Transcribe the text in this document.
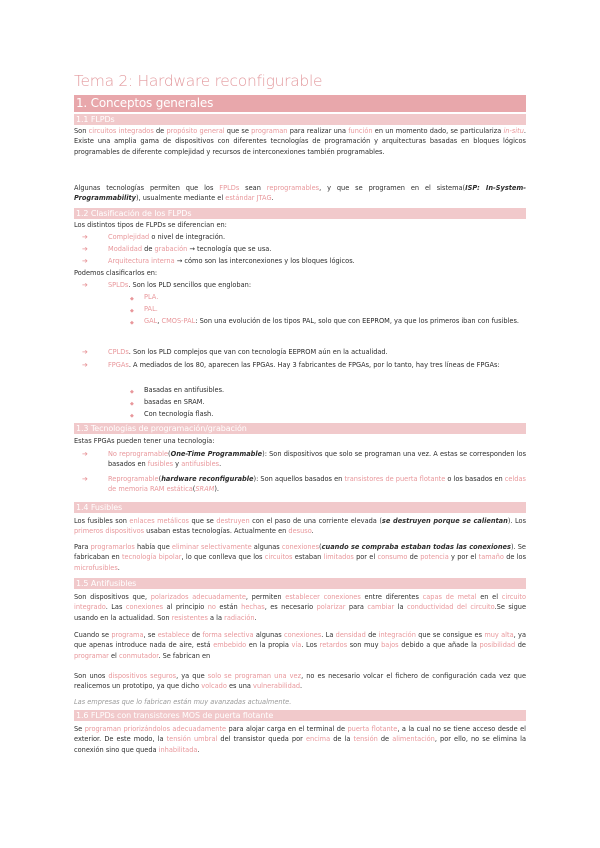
Tema 2: Hardware reconfigurable
1. Conceptos generales
1.1 FLPDs
Son circuitos integrados de propósito general que se programan para realizar una función en un momento dado, se particulariza in-situ. Existe una amplia gama de dispositivos con diferentes tecnologías de programación y arquitecturas basadas en bloques lógicos programables de diferente complejidad y recursos de interconexiones también programables.
Algunas tecnologías permiten que los FPLDs sean reprogramables, y que se programen en el sistema(ISP: In-System-Programmability), usualmente mediante el estándar JTAG.
1.2 Clasificación de los FLPDs
Los distintos tipos de FLPDs se diferencian en:
➔	Complejidad o nivel de integración.
➔	Modalidad de grabación → tecnología que se usa.
➔	Arquitectura interna → cómo son las interconexiones y los bloques lógicos.
Podemos clasificarlos en:
➔	SPLDs. Son los PLD sencillos que engloban:
◆ PLA.
◆ PAL.
◆ GAL, CMOS-PAL: Son una evolución de los tipos PAL, solo que con EEPROM, ya que los primeros iban con fusibles.
➔	CPLDs. Son los PLD complejos que van con tecnología EEPROM aún en la actualidad.
➔	FPGAs. A mediados de los 80, aparecen las FPGAs. Hay 3 fabricantes de FPGAs, por lo tanto, hay tres líneas de FPGAs:
◆ Basadas en antifusibles.
◆ basadas en SRAM.
◆ Con tecnología flash.
1.3 Tecnologías de programación/grabación
Estas FPGAs pueden tener una tecnología:
➔	No reprogramable(One-Time Programmable): Son dispositivos que solo se programan una vez. A estas se corresponden los basados en fusibles y antifusibles.
➔	Reprogramable(hardware reconfigurable): Son aquellos basados en transistores de puerta flotante o los basados en celdas de memoria RAM estática(SRAM).
1.4 Fusibles
Los fusibles son enlaces metálicos que se destruyen con el paso de una corriente elevada (se destruyen porque se calientan). Los primeros dispositivos usaban estas tecnologías. Actualmente en desuso.
Para programarlos había que eliminar selectivamente algunas conexiones(cuando se compraba estaban todas las conexiones). Se fabricaban en tecnología bipolar, lo que conlleva que los circuitos estaban limitados por el consumo de potencia y por el tamaño de los microfusibles.
1.5 Antifusibles
Son dispositivos que, polarizados adecuadamente, permiten establecer conexiones entre diferentes capas de metal en el circuito integrado. Las conexiones al principio no están hechas, es necesario polarizar para cambiar la conductividad del circuito.Se sigue usando en la actualidad. Son resistentes a la radiación.
Cuando se programa, se establece de forma selectiva algunas conexiones. La densidad de integración que se consigue es muy alta, ya que apenas introduce nada de aire, está embebido en la propia vía. Los retardos son muy bajos debido a que añade la posibilidad de programar el conmutador. Se fabrican en
Son unos dispositivos seguros, ya que solo se programan una vez, no es necesario volcar el fichero de configuración cada vez que realicemos un prototipo, ya que dicho volcado es una vulnerabilidad.
Las empresas que lo fabrican están muy avanzadas actualmente.
1.6 FLPDs con transistores MOS de puerta flotante
Se programan priorizándolos adecuadamente para alojar carga en el terminal de puerta flotante, a la cual no se tiene acceso desde el exterior. De este modo, la tensión umbral del transistor queda por encima de la tensión de alimentación, por ello, no se elimina la conexión sino que queda inhabilitada.
